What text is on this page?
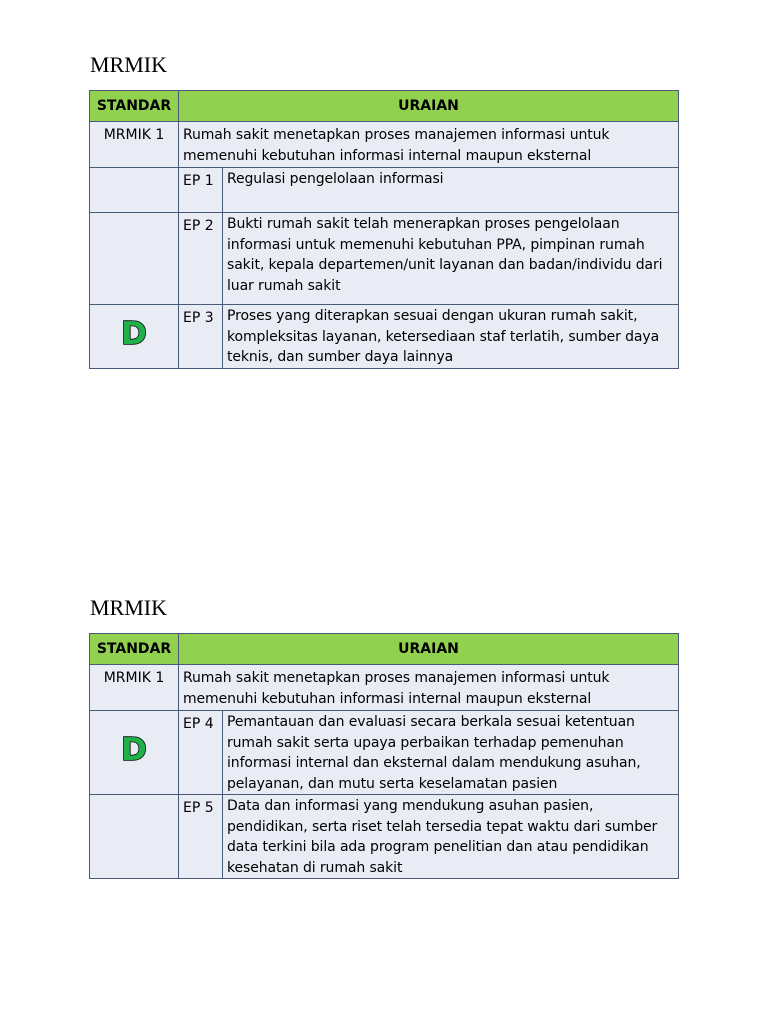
MRMIK
STANDAR	URAIAN	

MRMIK 1	Rumah sakit menetapkan proses manajemen informasi untuk memenuhi kebutuhan informasi internal maupun eksternal	

	EP 1	Regulasi pengelolaan informasi

	EP 2	Bukti rumah sakit telah menerapkan proses pengelolaan informasi untuk memenuhi kebutuhan PPA, pimpinan rumah sakit, kepala departemen/unit layanan dan badan/individu dari luar rumah sakit

D	EP 3	Proses yang diterapkan sesuai dengan ukuran rumah sakit, kompleksitas layanan, ketersediaan staf terlatih, sumber daya teknis, dan sumber daya lainnya
MRMIK
STANDAR	URAIAN	

MRMIK 1	Rumah sakit menetapkan proses manajemen informasi untuk memenuhi kebutuhan informasi internal maupun eksternal	

D	EP 4	Pemantauan dan evaluasi secara berkala sesuai ketentuan rumah sakit serta upaya perbaikan terhadap pemenuhan informasi internal dan eksternal dalam mendukung asuhan, pelayanan, dan mutu serta keselamatan pasien

	EP 5	Data dan informasi yang mendukung asuhan pasien, pendidikan, serta riset telah tersedia tepat waktu dari sumber data terkini bila ada program penelitian dan atau pendidikan kesehatan di rumah sakit
